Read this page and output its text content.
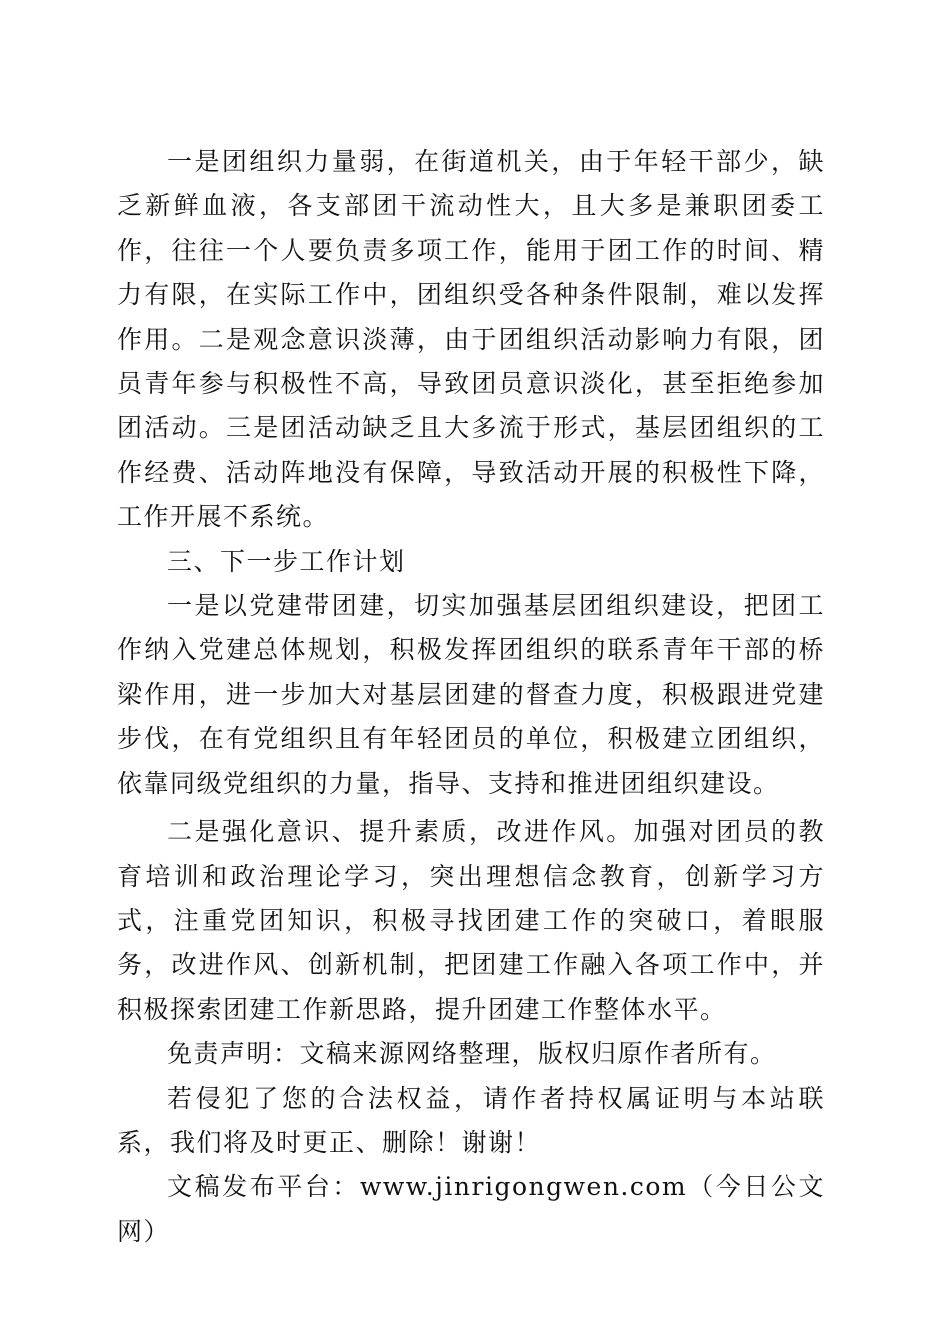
一是团组织力量弱，在街道机关，由于年轻干部少，缺乏新鲜血液，各支部团干流动性大，且大多是兼职团委工作，往往一个人要负责多项工作，能用于团工作的时间、精力有限，在实际工作中，团组织受各种条件限制，难以发挥作用。二是观念意识淡薄，由于团组织活动影响力有限，团员青年参与积极性不高，导致团员意识淡化，甚至拒绝参加团活动。三是团活动缺乏且大多流于形式，基层团组织的工作经费、活动阵地没有保障，导致活动开展的积极性下降，工作开展不系统。

三、下一步工作计划

一是以党建带团建，切实加强基层团组织建设，把团工作纳入党建总体规划，积极发挥团组织的联系青年干部的桥梁作用，进一步加大对基层团建的督查力度，积极跟进党建步伐，在有党组织且有年轻团员的单位，积极建立团组织，依靠同级党组织的力量，指导、支持和推进团组织建设。

二是强化意识、提升素质，改进作风。加强对团员的教育培训和政治理论学习，突出理想信念教育，创新学习方式，注重党团知识，积极寻找团建工作的突破口，着眼服务，改进作风、创新机制，把团建工作融入各项工作中，并积极探索团建工作新思路，提升团建工作整体水平。

免责声明：文稿来源网络整理，版权归原作者所有。

若侵犯了您的合法权益，请作者持权属证明与本站联系，我们将及时更正、删除！谢谢！

文稿发布平台：www.jinrigongwen.com（今日公文网）
